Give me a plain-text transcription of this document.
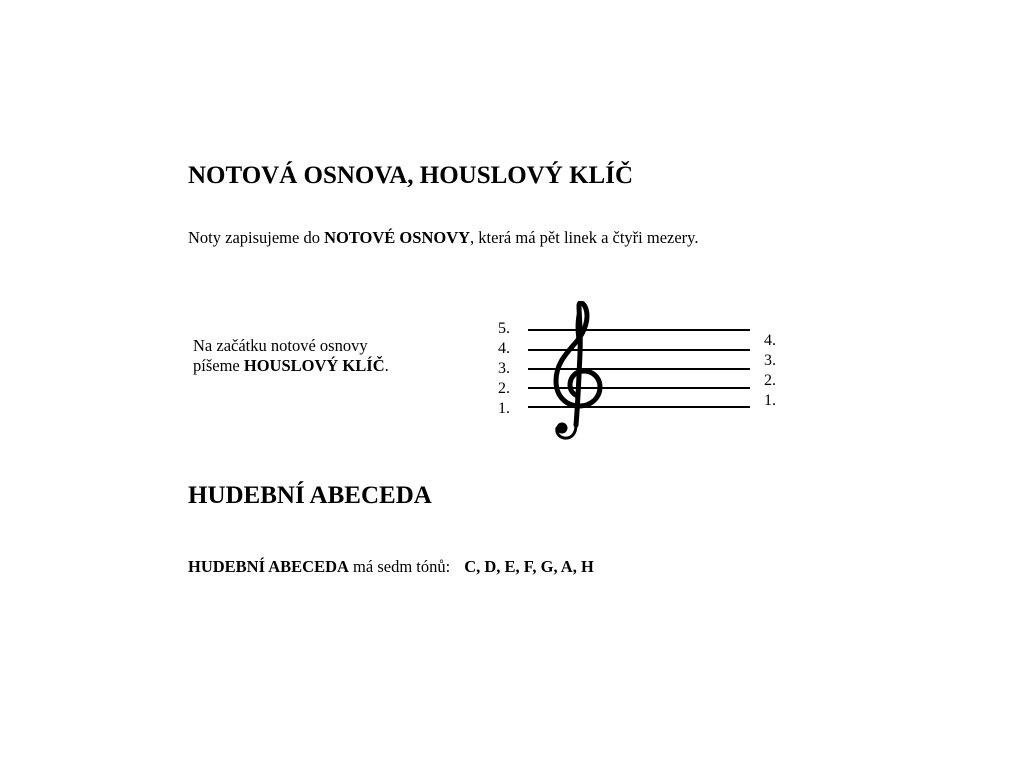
NOTOVÁ OSNOVA, HOUSLOVÝ KLÍČ

Noty zapisujeme do NOTOVÉ OSNOVY, která má pět linek a čtyři mezery.

Na začátku notové osnovy

píšeme HOUSLOVÝ KLÍČ.

5.
4.
3.
2.
1.
4.
3.
2.
1.
HUDEBNÍ ABECEDA

HUDEBNÍ ABECEDA má sedm tónů: C, D, E, F, G, A, H
